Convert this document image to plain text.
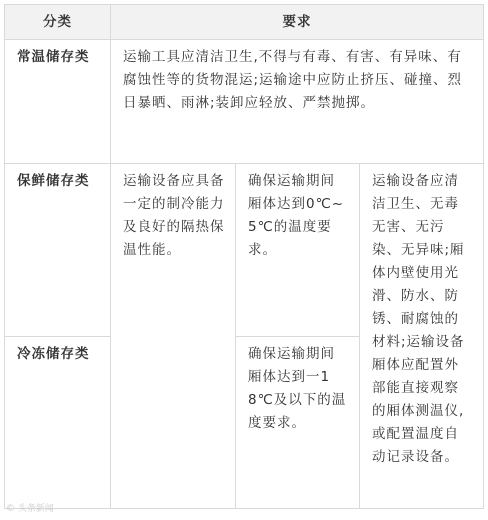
分类	要求		
常温储存类	运输工具应清洁卫生,不得与有毒、有害、有异味、有腐蚀性等的货物混运;运输途中应防止挤压、碰撞、烈日暴晒、雨淋;装卸应轻放、严禁抛掷。		
保鲜储存类	运输设备应具备一定的制冷能力及良好的隔热保温性能。	确保运输期间厢体达到0℃~5℃的温度要求。	运输设备应清洁卫生、无毒无害、无污染、无异味;厢体内壁使用光滑、防水、防锈、耐腐蚀的材料;运输设备厢体应配置外部能直接观察的厢体测温仪,或配置温度自动记录设备。
冷冻储存类		确保运输期间厢体达到一18℃及以下的温度要求。	
© 头条新闻
